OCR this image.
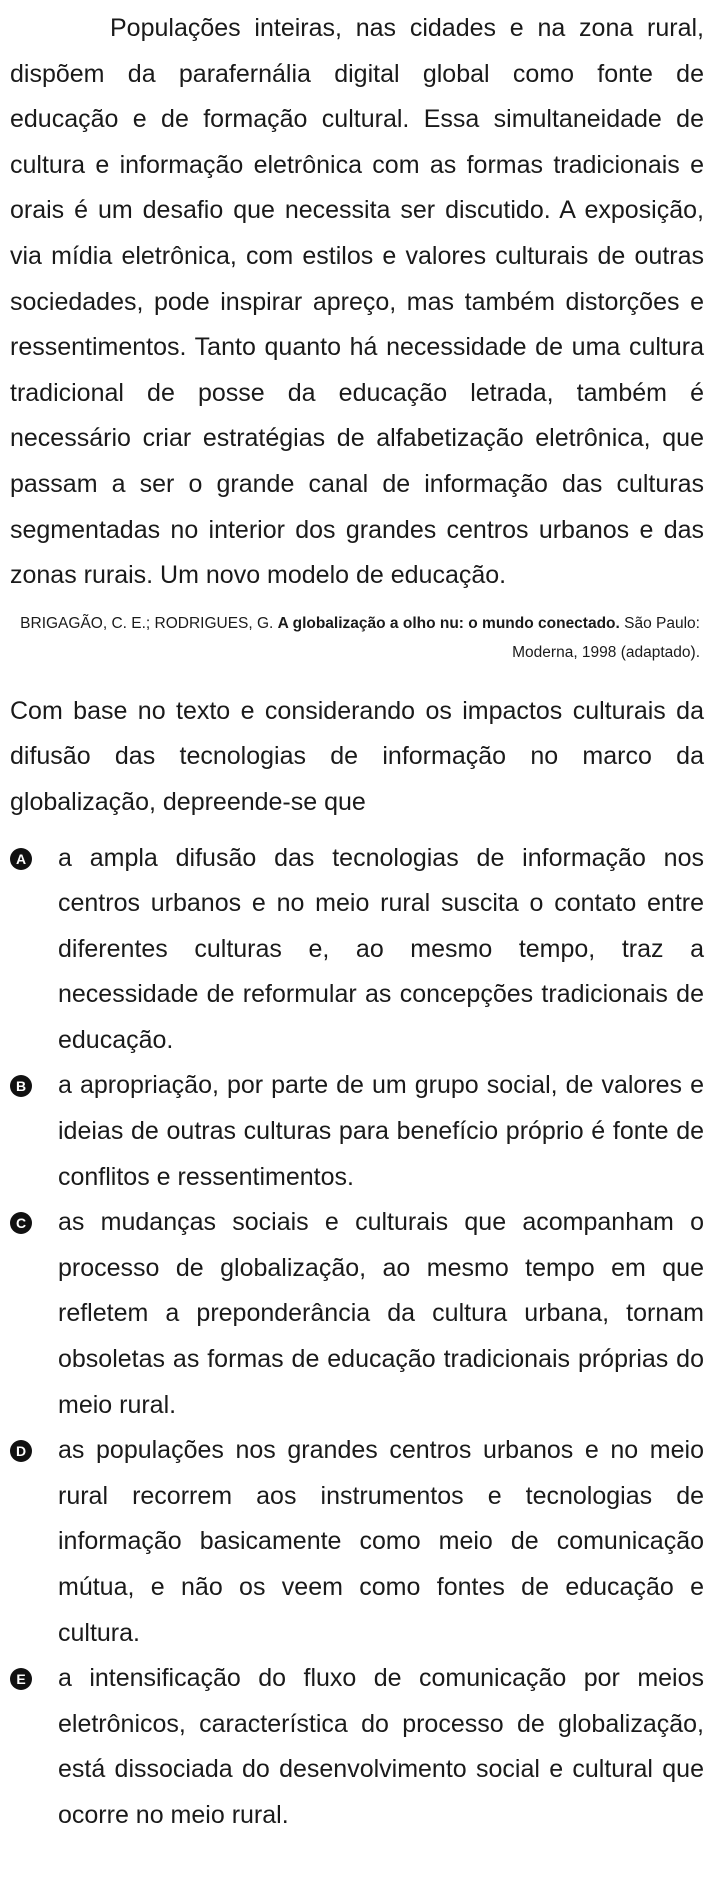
Populações inteiras, nas cidades e na zona rural, dispõem da parafernália digital global como fonte de educação e de formação cultural. Essa simultaneidade de cultura e informação eletrônica com as formas tradicionais e orais é um desafio que necessita ser discutido. A exposição, via mídia eletrônica, com estilos e valores culturais de outras sociedades, pode inspirar apreço, mas também distorções e ressentimentos. Tanto quanto há necessidade de uma cultura tradicional de posse da educação letrada, também é necessário criar estratégias de alfabetização eletrônica, que passam a ser o grande canal de informação das culturas segmentadas no interior dos grandes centros urbanos e das zonas rurais. Um novo modelo de educação.

BRIGAGÃO, C. E.; RODRIGUES, G. A globalização a olho nu: o mundo conectado. São Paulo: Moderna, 1998 (adaptado).

Com base no texto e considerando os impactos culturais da difusão das tecnologias de informação no marco da globalização, depreende-se que

A a ampla difusão das tecnologias de informação nos centros urbanos e no meio rural suscita o contato entre diferentes culturas e, ao mesmo tempo, traz a necessidade de reformular as concepções tradicionais de educação.
B a apropriação, por parte de um grupo social, de valores e ideias de outras culturas para benefício próprio é fonte de conflitos e ressentimentos.
C as mudanças sociais e culturais que acompanham o processo de globalização, ao mesmo tempo em que refletem a preponderância da cultura urbana, tornam obsoletas as formas de educação tradicionais próprias do meio rural.
D as populações nos grandes centros urbanos e no meio rural recorrem aos instrumentos e tecnologias de informação basicamente como meio de comunicação mútua, e não os veem como fontes de educação e cultura.
E a intensificação do fluxo de comunicação por meios eletrônicos, característica do processo de globalização, está dissociada do desenvolvimento social e cultural que ocorre no meio rural.
